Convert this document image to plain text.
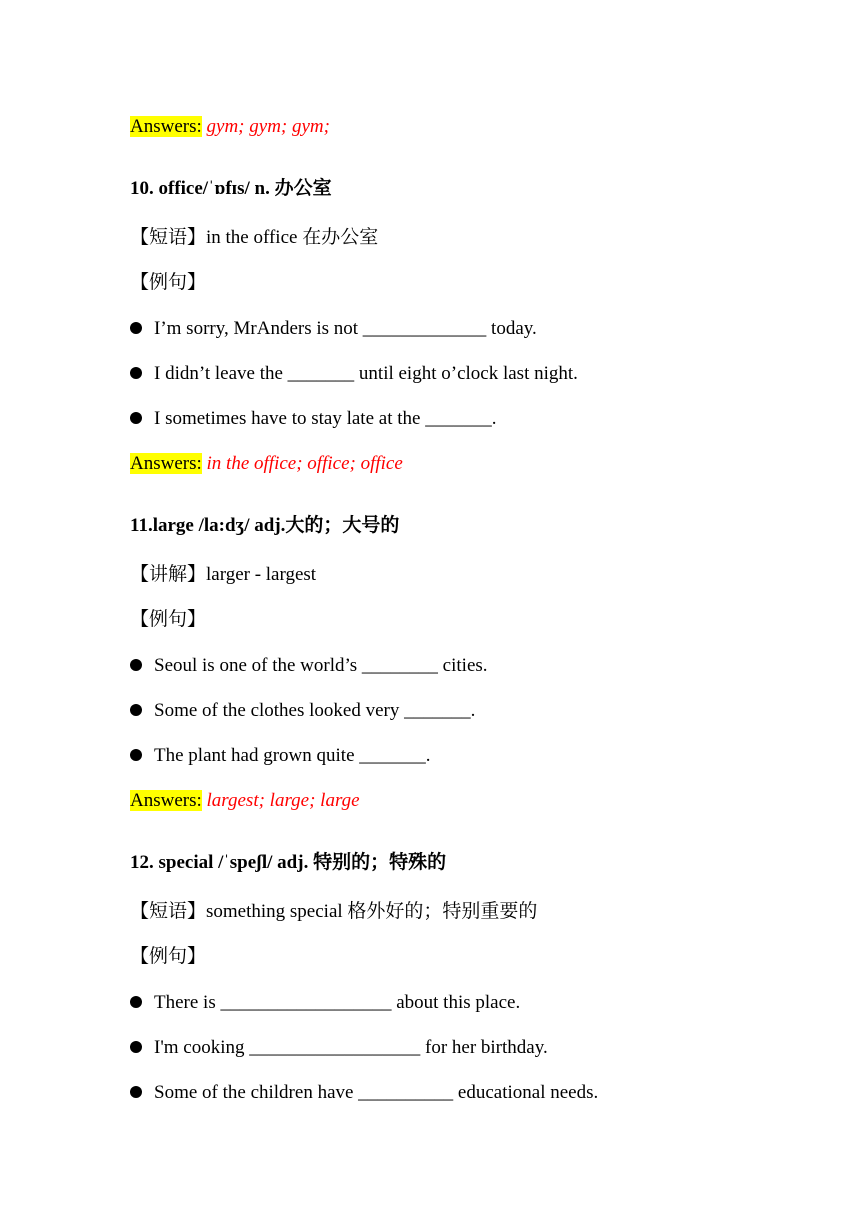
Answers: gym; gym; gym;
10. office/ˈɒfɪs/ n. 办公室
【短语】in the office 在办公室
【例句】
I’m sorry, MrAnders is not _____________ today.
I didn’t leave the _______ until eight o’clock last night.
I sometimes have to stay late at the _______.
Answers: in the office; office; office
11.large /la:dʒ/ adj.大的；大号的
【讲解】larger - largest
【例句】
Seoul is one of the world’s ________ cities.
Some of the clothes looked very _______.
The plant had grown quite _______.
Answers: largest; large; large
12. special /ˈspeʃl/ adj. 特别的；特殊的
【短语】something special 格外好的；特别重要的
【例句】
There is __________________ about this place.
I'm cooking __________________ for her birthday.
Some of the children have __________ educational needs.
